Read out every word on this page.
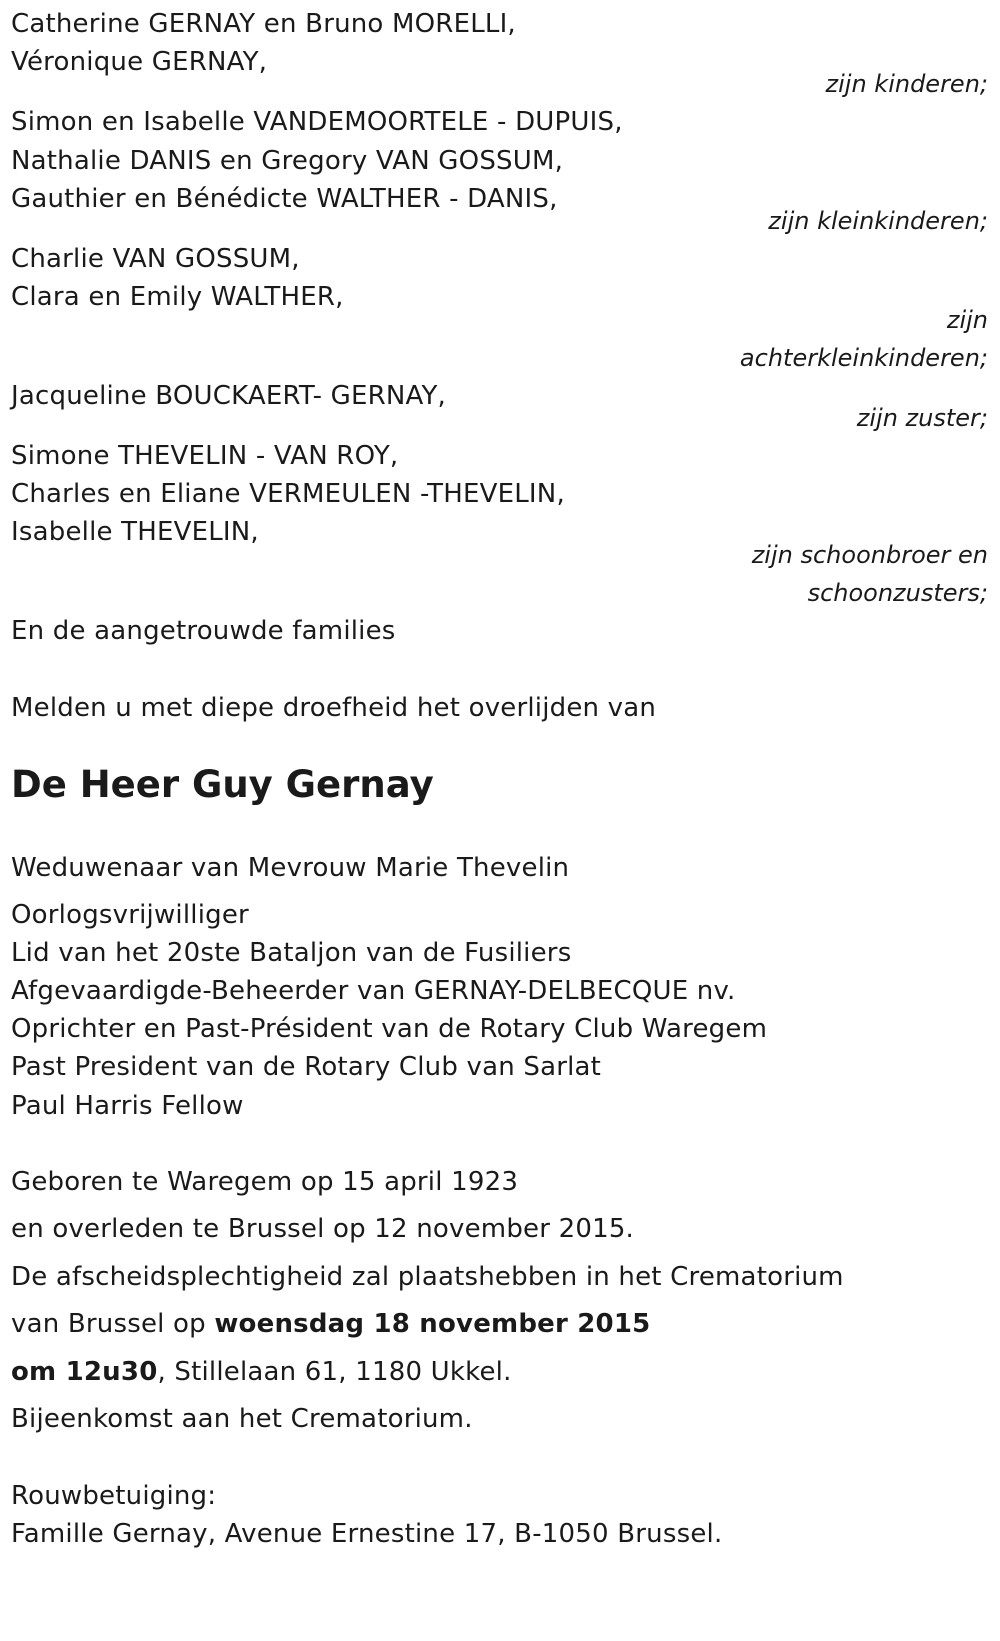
Catherine GERNAY en Bruno MORELLI,
Véronique GERNAY,
zijn kinderen;
Simon en Isabelle VANDEMOORTELE - DUPUIS,
Nathalie DANIS en Gregory VAN GOSSUM,
Gauthier en Bénédicte WALTHER - DANIS,
zijn kleinkinderen;
Charlie VAN GOSSUM,
Clara en Emily WALTHER,
zijn
achterkleinkinderen;
Jacqueline BOUCKAERT- GERNAY,
zijn zuster;
Simone THEVELIN - VAN ROY,
Charles en Eliane VERMEULEN -THEVELIN,
Isabelle THEVELIN,
zijn schoonbroer en
schoonzusters;
En de aangetrouwde families
Melden u met diepe droefheid het overlijden van
De Heer Guy Gernay
Weduwenaar van Mevrouw Marie Thevelin
Oorlogsvrijwilliger
Lid van het 20ste Bataljon van de Fusiliers
Afgevaardigde-Beheerder van GERNAY-DELBECQUE nv.
Oprichter en Past-Président van de Rotary Club Waregem
Past President van de Rotary Club van Sarlat
Paul Harris Fellow
Geboren te Waregem op 15 april 1923
en overleden te Brussel op 12 november 2015.
De afscheidsplechtigheid zal plaatshebben in het Crematorium
van Brussel op woensdag 18 november 2015
om 12u30, Stillelaan 61, 1180 Ukkel.
Bijeenkomst aan het Crematorium.
Rouwbetuiging:
Famille Gernay, Avenue Ernestine 17, B-1050 Brussel.
